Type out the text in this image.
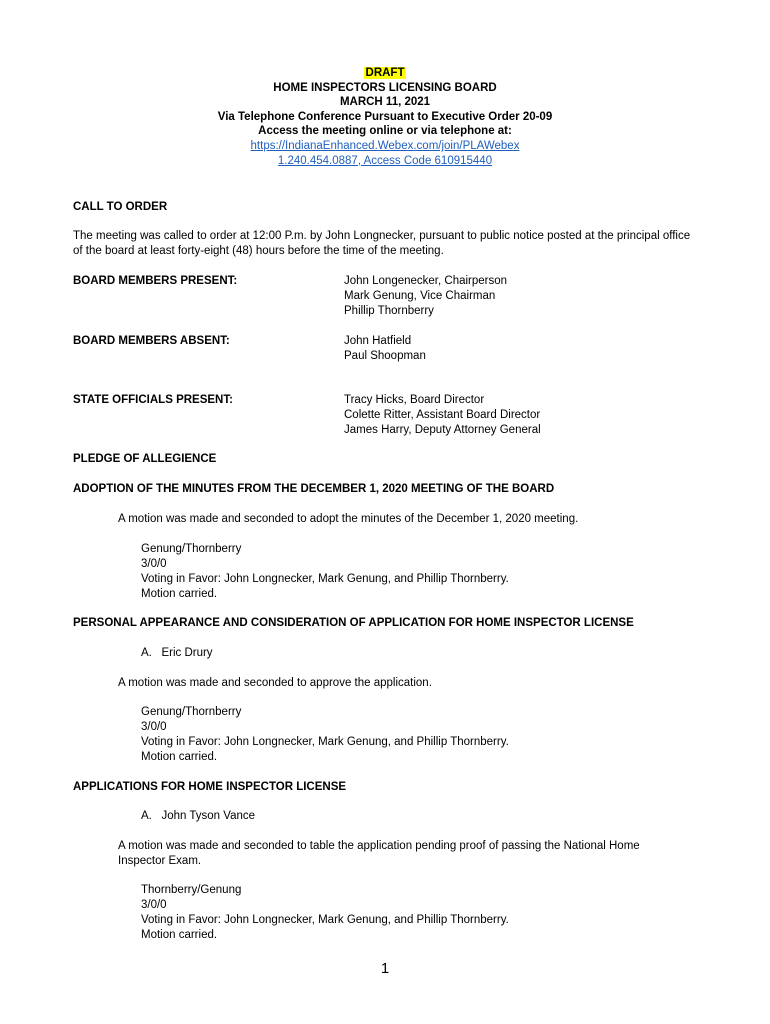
DRAFT
HOME INSPECTORS LICENSING BOARD
MARCH 11, 2021
Via Telephone Conference Pursuant to Executive Order 20-09
Access the meeting online or via telephone at:
https://IndianaEnhanced.Webex.com/join/PLAWebex
1.240.454.0887, Access Code 610915440
CALL TO ORDER
The meeting was called to order at 12:00 P.m. by John Longnecker, pursuant to public notice posted at the principal office
of the board at least forty-eight (48) hours before the time of the meeting.
BOARD MEMBERS PRESENT:	John Longenecker, Chairperson
Mark Genung, Vice Chairman
Phillip Thornberry
BOARD MEMBERS ABSENT:	John Hatfield
Paul Shoopman
STATE OFFICIALS PRESENT:	Tracy Hicks, Board Director
Colette Ritter, Assistant Board Director
James Harry, Deputy Attorney General
PLEDGE OF ALLEGIENCE
ADOPTION OF THE MINUTES FROM THE DECEMBER 1, 2020 MEETING OF THE BOARD
A motion was made and seconded to adopt the minutes of the December 1, 2020 meeting.
Genung/Thornberry
3/0/0
Voting in Favor: John Longnecker, Mark Genung, and Phillip Thornberry.
Motion carried.
PERSONAL APPEARANCE AND CONSIDERATION OF APPLICATION FOR HOME INSPECTOR LICENSE
A.   Eric Drury
A motion was made and seconded to approve the application.
Genung/Thornberry
3/0/0
Voting in Favor: John Longnecker, Mark Genung, and Phillip Thornberry.
Motion carried.
APPLICATIONS FOR HOME INSPECTOR LICENSE
A.   John Tyson Vance
A motion was made and seconded to table the application pending proof of passing the National Home
Inspector Exam.
Thornberry/Genung
3/0/0
Voting in Favor: John Longnecker, Mark Genung, and Phillip Thornberry.
Motion carried.
1
